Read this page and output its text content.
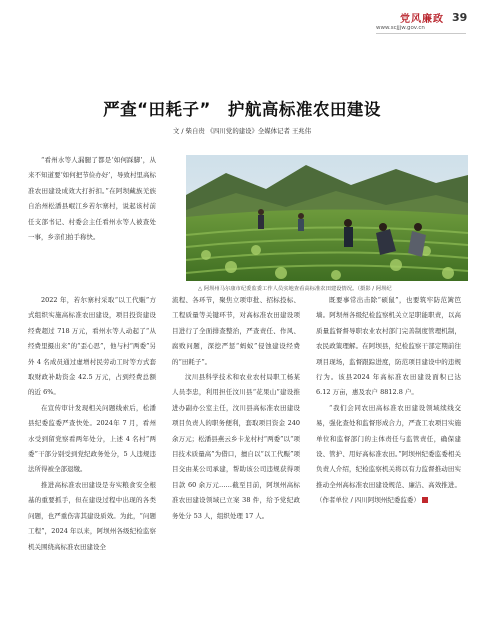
党风廉政
www.scjjjw.gov.cn
39
严查“田耗子”　护航高标准农田建设
文 / 柴自贵 《四川党的建设》全媒体记者 王兆伟
△ 阿坝州马尔康市纪委监委工作人员实地查看高标准农田建设情况。（摄影 / 阿坝纪

“看州水等人漏腿了都是‘如何踩脚’，从来不知道要‘如何把节俭办好’，导致村里高标准农田建设成效大打折扣。”在阿坝藏族羌族自治州松潘县岷江乡若尔寨村，说起该村前任支部书记、村委会主任看州水等人被查处一事，乡亲们拍手称快。

2022 年，若尔寨村采取“以工代赈”方式组织实施高标准农田建设，项目投资建设经费超过 718 万元，看州水等人动起了“从经费里摄出来”的“歪心思”，他与村“两委”另外 4 名成员通过虚增村民劳动工时等方式套取财政补助资金 42.5 万元，占到经费总额的近 6%。

在宣传审计发现相关问题线索后，松潘县纪委监委严查快处。2024年 7 月，看州水受到留党察看两年处分，上述 4 名村“两委”干部分别受到党纪政务处分，5 人违规违法所得被全部退缴。

推进高标准农田建设是夯实粮食安全根基的重要抓手，但在建设过程中出现的各类问题，也严重伤害其建设质效。为此，“问题工程”，2024 年以来，阿坝州各级纪检监察机关围绕高标准农田建设全

流程、各环节，聚焦立项审批、招标投标、工程质量等关键环节，对高标准农田建设项目进行了全面排查整治，严查责任、作风、腐败问题，深挖严惩“蚂蚁”侵蚀建设经费的“田耗子”。

汶川县科学技术和农业农村局职工杨某人员李忠，利用担任汶川县“花果山”建设推进办副办公室主任，汶川县高标准农田建设项目负责人的职务便利，套取项目资金 240 余万元；松潘县燕云乡卡龙村村“两委”以“项目技术质量高”为借口，擅自以“以工代赈”项目交由某公司承建，帮助该公司违规获得项目款 60 余万元……截至目前，阿坝州高标准农田建设领域已立案 38 件，给予党纪政务处分 53 人，组织处理 17 人。

既要事常出击除“硕鼠”，也要筑牢防范篱笆墙。阿坝州各级纪检监察机关立足职能职责，以高质量监督督导职农业农村部门完善制度管理机制，农民政策理解。在阿坝县，纪检监察干部定期前往项目现场，监督跟踪进度，防范项目建设中的违规行为。该县2024 年高标准农田建设面积已达 6.12 万亩，惠及农户 8812.8 户。

“我们会同农田高标准农田建设领域续线交易，强化查处和监督形成合力，严查工农项目实施单位和监督部门的主体责任与监管责任，确保建设、管护、用好高标准农田。”阿坝州纪委监委相关负责人介绍，纪检监察机关将以有力监督推动田实推动全州高标准农田建设规范、廉洁、高效推进。（作者单位 / 四川阿坝州纪委监委）
